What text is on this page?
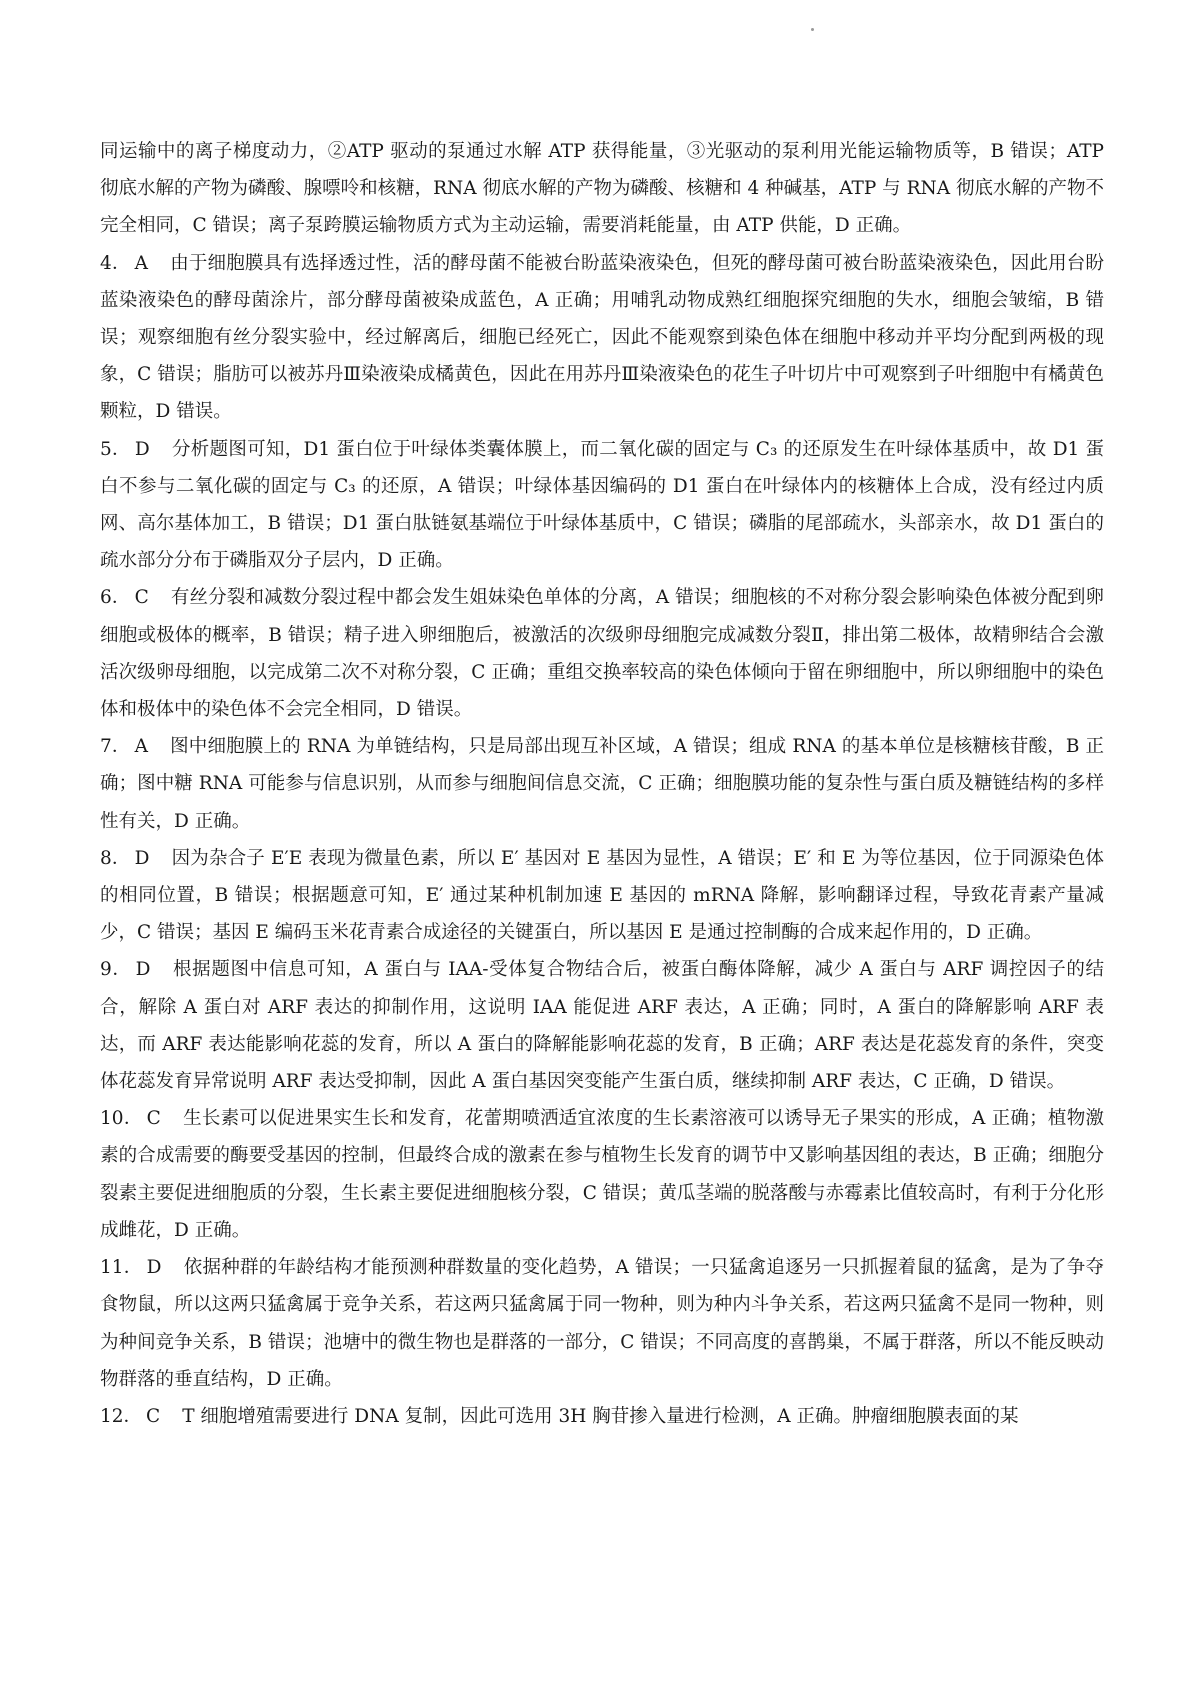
同运输中的离子梯度动力，②ATP 驱动的泵通过水解 ATP 获得能量，③光驱动的泵利用光能运输物质等，B 错误；ATP 彻底水解的产物为磷酸、腺嘌呤和核糖，RNA 彻底水解的产物为磷酸、核糖和 4 种碱基，ATP 与 RNA 彻底水解的产物不完全相同，C 错误；离子泵跨膜运输物质方式为主动运输，需要消耗能量，由 ATP 供能，D 正确。

4． A 由于细胞膜具有选择透过性，活的酵母菌不能被台盼蓝染液染色，但死的酵母菌可被台盼蓝染液染色，因此用台盼蓝染液染色的酵母菌涂片，部分酵母菌被染成蓝色，A 正确；用哺乳动物成熟红细胞探究细胞的失水，细胞会皱缩，B 错误；观察细胞有丝分裂实验中，经过解离后，细胞已经死亡，因此不能观察到染色体在细胞中移动并平均分配到两极的现象，C 错误；脂肪可以被苏丹Ⅲ染液染成橘黄色，因此在用苏丹Ⅲ染液染色的花生子叶切片中可观察到子叶细胞中有橘黄色颗粒，D 错误。

5． D 分析题图可知，D1 蛋白位于叶绿体类囊体膜上，而二氧化碳的固定与 C₃ 的还原发生在叶绿体基质中，故 D1 蛋白不参与二氧化碳的固定与 C₃ 的还原，A 错误；叶绿体基因编码的 D1 蛋白在叶绿体内的核糖体上合成，没有经过内质网、高尔基体加工，B 错误；D1 蛋白肽链氨基端位于叶绿体基质中，C 错误；磷脂的尾部疏水，头部亲水，故 D1 蛋白的疏水部分分布于磷脂双分子层内，D 正确。

6． C 有丝分裂和减数分裂过程中都会发生姐妹染色单体的分离，A 错误；细胞核的不对称分裂会影响染色体被分配到卵细胞或极体的概率，B 错误；精子进入卵细胞后，被激活的次级卵母细胞完成减数分裂Ⅱ，排出第二极体，故精卵结合会激活次级卵母细胞，以完成第二次不对称分裂，C 正确；重组交换率较高的染色体倾向于留在卵细胞中，所以卵细胞中的染色体和极体中的染色体不会完全相同，D 错误。

7． A 图中细胞膜上的 RNA 为单链结构，只是局部出现互补区域，A 错误；组成 RNA 的基本单位是核糖核苷酸，B 正确；图中糖 RNA 可能参与信息识别，从而参与细胞间信息交流，C 正确；细胞膜功能的复杂性与蛋白质及糖链结构的多样性有关，D 正确。

8． D 因为杂合子 E′E 表现为微量色素，所以 E′ 基因对 E 基因为显性，A 错误；E′ 和 E 为等位基因，位于同源染色体的相同位置，B 错误；根据题意可知，E′ 通过某种机制加速 E 基因的 mRNA 降解，影响翻译过程，导致花青素产量减少，C 错误；基因 E 编码玉米花青素合成途径的关键蛋白，所以基因 E 是通过控制酶的合成来起作用的，D 正确。

9． D 根据题图中信息可知，A 蛋白与 IAA-受体复合物结合后，被蛋白酶体降解，减少 A 蛋白与 ARF 调控因子的结合，解除 A 蛋白对 ARF 表达的抑制作用，这说明 IAA 能促进 ARF 表达，A 正确；同时，A 蛋白的降解影响 ARF 表达，而 ARF 表达能影响花蕊的发育，所以 A 蛋白的降解能影响花蕊的发育，B 正确；ARF 表达是花蕊发育的条件，突变体花蕊发育异常说明 ARF 表达受抑制，因此 A 蛋白基因突变能产生蛋白质，继续抑制 ARF 表达，C 正确，D 错误。

10． C 生长素可以促进果实生长和发育，花蕾期喷洒适宜浓度的生长素溶液可以诱导无子果实的形成，A 正确；植物激素的合成需要的酶要受基因的控制，但最终合成的激素在参与植物生长发育的调节中又影响基因组的表达，B 正确；细胞分裂素主要促进细胞质的分裂，生长素主要促进细胞核分裂，C 错误；黄瓜茎端的脱落酸与赤霉素比值较高时，有利于分化形成雌花，D 正确。

11． D 依据种群的年龄结构才能预测种群数量的变化趋势，A 错误；一只猛禽追逐另一只抓握着鼠的猛禽，是为了争夺食物鼠，所以这两只猛禽属于竞争关系，若这两只猛禽属于同一物种，则为种内斗争关系，若这两只猛禽不是同一物种，则为种间竞争关系，B 错误；池塘中的微生物也是群落的一部分，C 错误；不同高度的喜鹊巢，不属于群落，所以不能反映动物群落的垂直结构，D 正确。

12． C T 细胞增殖需要进行 DNA 复制，因此可选用 3H 胸苷掺入量进行检测，A 正确。肿瘤细胞膜表面的某
